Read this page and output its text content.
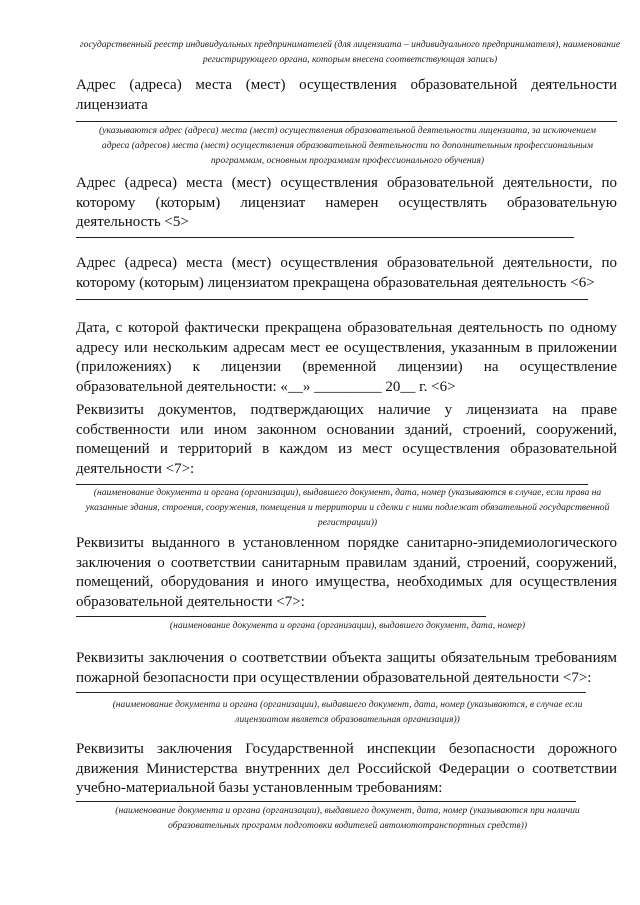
государственный реестр индивидуальных предпринимателей (для лицензиата – индивидуального предпринимателя), наименование регистрирующего органа, которым внесена соответствующая запись)

Адрес (адреса) места (мест) осуществления образовательной деятельности лицензиата

(указываются адрес (адреса) места (мест) осуществления образовательной деятельности лицензиата, за исключением адреса (адресов) места (мест) осуществления образовательной деятельности по дополнительным профессиональным программам, основным программам профессионального обучения)

Адрес (адреса) места (мест) осуществления образовательной деятельности, по которому (которым) лицензиат намерен осуществлять образовательную деятельность <5>

Адрес (адреса) места (мест) осуществления образовательной деятельности, по которому (которым) лицензиатом прекращена образовательная деятельность <6>

Дата, с которой фактически прекращена образовательная деятельность по одному адресу или нескольким адресам мест ее осуществления, указанным в приложении (приложениях) к лицензии (временной лицензии) на осуществление образовательной деятельности: «__» _________ 20__ г. <6>

Реквизиты документов, подтверждающих наличие у лицензиата на праве собственности или ином законном основании зданий, строений, сооружений, помещений и территорий в каждом из мест осуществления образовательной деятельности <7>:

(наименование документа и органа (организации), выдавшего документ, дата, номер (указываются в случае, если права на указанные здания, строения, сооружения, помещения и территории и сделки с ними подлежат обязательной государственной регистрации))

Реквизиты выданного в установленном порядке санитарно-эпидемиологического заключения о соответствии санитарным правилам зданий, строений, сооружений, помещений, оборудования и иного имущества, необходимых для осуществления образовательной деятельности <7>:

(наименование документа и органа (организации), выдавшего документ, дата, номер)

Реквизиты заключения о соответствии объекта защиты обязательным требованиям пожарной безопасности при осуществлении образовательной деятельности <7>:

(наименование документа и органа (организации), выдавшего документ, дата, номер (указываются, в случае если лицензиатом является образовательная организация))

Реквизиты заключения Государственной инспекции безопасности дорожного движения Министерства внутренних дел Российской Федерации о соответствии учебно-материальной базы установленным требованиям:

(наименование документа и органа (организации), выдавшего документ, дата, номер (указываются при наличии образовательных программ подготовки водителей автомототранспортных средств))
